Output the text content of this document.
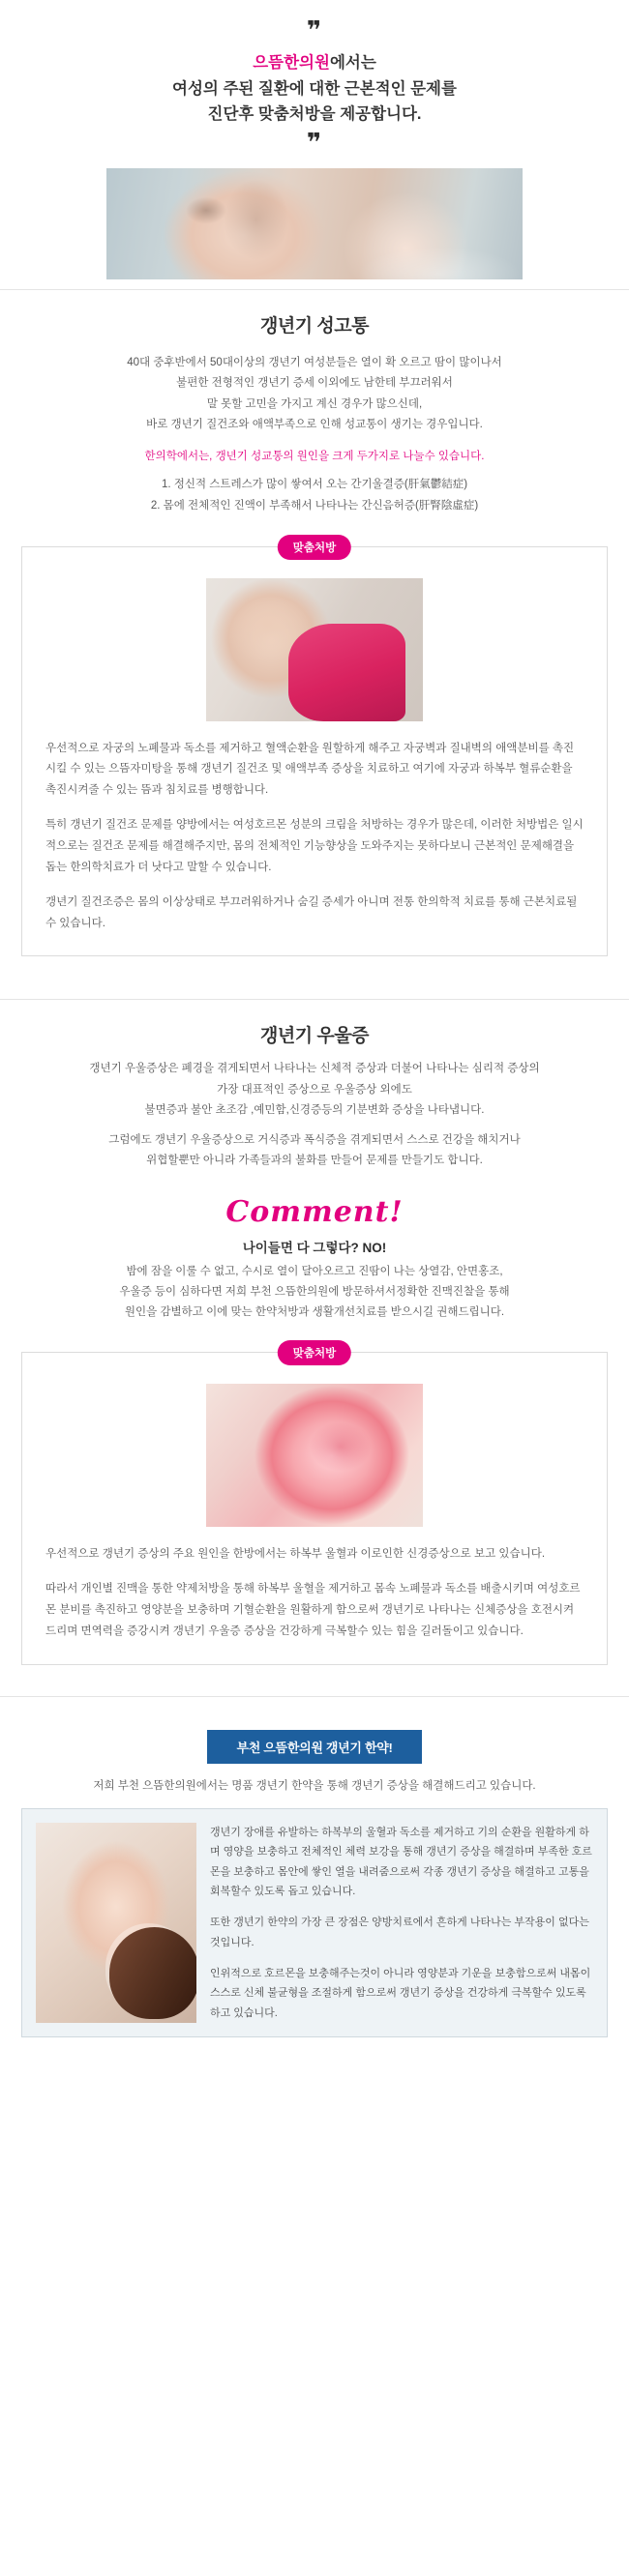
❞
으뜸한의원에서는
여성의 주된 질환에 대한 근본적인 문제를
진단후 맞춤처방을 제공합니다.
❞
갱년기 성고통
40대 중후반에서 50대이상의 갱년기 여성분들은 열이 확 오르고 땀이 많이나서
불편한 전형적인 갱년기 증세 이외에도 남한테 부끄러워서
말 못할 고민을 가지고 계신 경우가 많으신데,
바로 갱년기 질건조와 애액부족으로 인해 성교통이 생기는 경우입니다.
한의학에서는, 갱년기 성교통의 원인을 크게 두가지로 나눌수 있습니다.
1. 정신적 스트레스가 많이 쌓여서 오는 간기울결증(肝氣鬱結症)
2. 몸에 전체적인 진액이 부족해서 나타나는 간신음허증(肝腎陰虛症)
맞춤처방

우선적으로 자궁의 노폐물과 독소를 제거하고 혈액순환을 원할하게 해주고 자궁벽과 질내벽의 애액분비를 촉진시킬 수 있는 으뜸자미탕을 통해 갱년기 질건조 및 애액부족 증상을 치료하고 여기에 자궁과 하복부 혈류순환을 촉진시켜줄 수 있는 뜸과 침치료를 병행합니다.

특히 갱년기 질건조 문제를 양방에서는 여성호르몬 성분의 크림을 처방하는 경우가 많은데, 이러한 처방법은 일시적으로는 질건조 문제를 해결해주지만, 몸의 전체적인 기능향상을 도와주지는 못하다보니 근본적인 문제해결을 돕는 한의학치료가 더 낫다고 말할 수 있습니다.

갱년기 질건조증은 몸의 이상상태로 부끄러워하거나 숨길 증세가 아니며 전통 한의학적 치료를 통해 근본치료될 수 있습니다.

갱년기 우울증
갱년기 우울증상은 폐경을 겪게되면서 나타나는 신체적 증상과 더불어 나타나는 심리적 증상의
가장 대표적인 증상으로 우울증상 외에도
불면증과 불안 초조감 ,예민함,신경증등의 기분변화 증상을 나타냅니다.
그럼에도 갱년기 우울증상으로 거식증과 폭식증을 겪게되면서 스스로 건강을 해치거나
위협할뿐만 아니라 가족들과의 불화를 만들어 문제를 만들기도 합니다.
Comment!
나이들면 다 그렇다? NO!
밤에 잠을 이룰 수 없고, 수시로 열이 달아오르고 진땀이 나는 상열감, 안면홍조,
우울증 등이 심하다면 저희 부천 으뜸한의원에 방문하셔서정확한 진맥진찰을 통해
원인을 감별하고 이에 맞는 한약처방과 생활개선치료를 받으시길 권해드립니다.
맞춤처방

우선적으로 갱년기 증상의 주요 원인을 한방에서는 하복부 울혈과 이로인한 신경증상으로 보고 있습니다.

따라서 개인별 진맥을 통한 약제처방을 통해 하복부 울혈을 제거하고 몸속 노폐물과 독소를 배출시키며 여성호르몬 분비를 촉진하고 영양분을 보충하며 기혈순환을 원활하게 함으로써 갱년기로 나타나는 신체증상을 호전시켜 드리며 면역력을 증강시켜 갱년기 우울증 증상을 건강하게 극복할수 있는 힘을 길러돌이고 있습니다.

부천 으뜸한의원 갱년기 한약!
저희 부천 으뜸한의원에서는 명품 갱년기 한약을 통해 갱년기 증상을 해결해드리고 있습니다.

갱년기 장애를 유발하는 하복부의 울혈과 독소를 제거하고 기의 순환을 원활하게 하며 영양을 보충하고 전체적인 체력 보강을 통해 갱년기 증상을 해결하며 부족한 호르몬을 보충하고 몸안에 쌓인 열을 내려줌으로써 각종 갱년기 증상을 해결하고 고통을 회복할수 있도록 돕고 있습니다.

또한 갱년기 한약의 가장 큰 장점은 양방치료에서 흔하게 나타나는 부작용이 없다는것입니다.

인위적으로 호르몬을 보충해주는것이 아니라 영양분과 기운을 보충함으로써 내몸이 스스로 신체 불균형을 조절하게 함으로써 갱년기 증상을 건강하게 극복할수 있도록 하고 있습니다.
